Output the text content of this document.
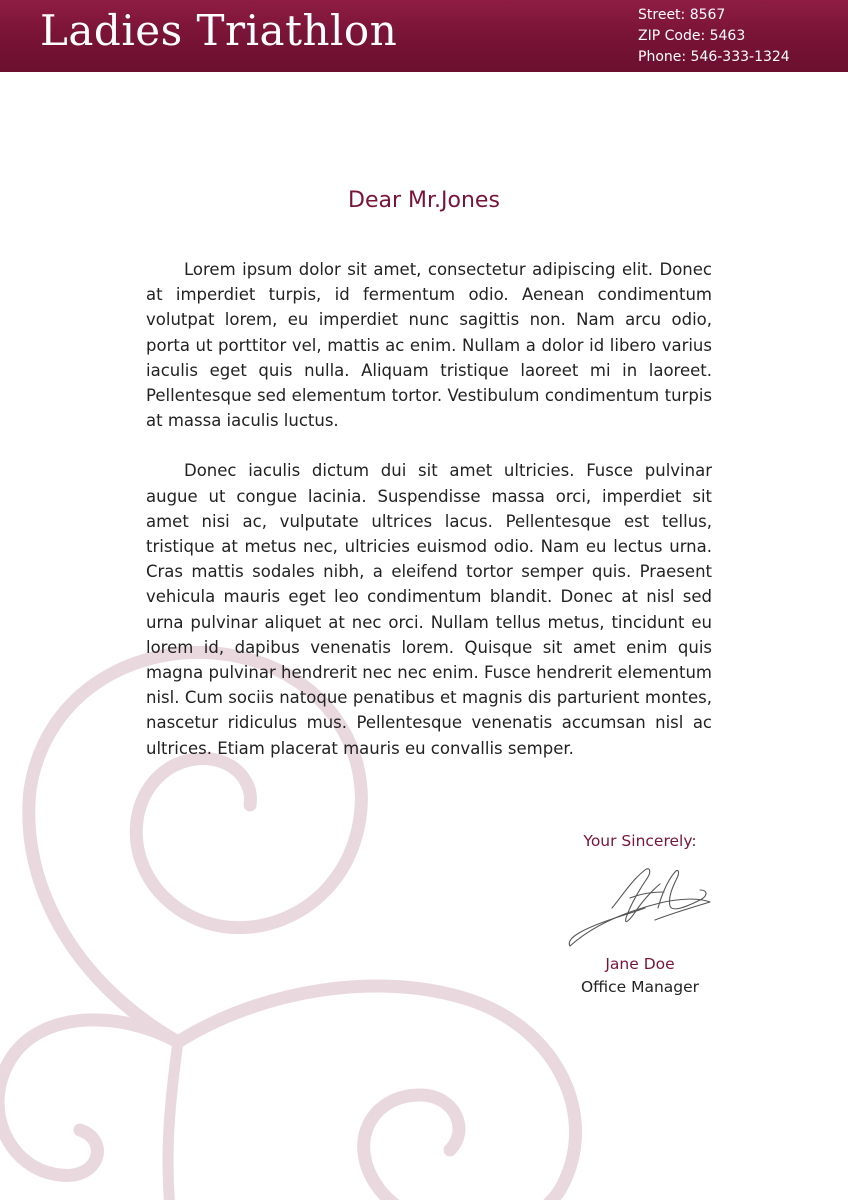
Ladies Triathlon	Street: 8567
ZIP Code: 5463
Phone: 546-333-1324
Dear Mr.Jones

Lorem ipsum dolor sit amet, consectetur adipiscing elit. Donec at imperdiet turpis, id fermentum odio. Aenean condimentum volutpat lorem, eu imperdiet nunc sagittis non. Nam arcu odio, porta ut porttitor vel, mattis ac enim. Nullam a dolor id libero varius iaculis eget quis nulla. Aliquam tristique laoreet mi in laoreet. Pellentesque sed elementum tortor. Vestibulum condimentum turpis at massa iaculis luctus.

Donec iaculis dictum dui sit amet ultricies. Fusce pulvinar augue ut congue lacinia. Suspendisse massa orci, imperdiet sit amet nisi ac, vulputate ultrices lacus. Pellentesque est tellus, tristique at metus nec, ultricies euismod odio. Nam eu lectus urna. Cras mattis sodales nibh, a eleifend tortor semper quis. Praesent vehicula mauris eget leo condimentum blandit. Donec at nisl sed urna pulvinar aliquet at nec orci. Nullam tellus metus, tincidunt eu lorem id, dapibus venenatis lorem. Quisque sit amet enim quis magna pulvinar hendrerit nec nec enim. Fusce hendrerit elementum nisl. Cum sociis natoque penatibus et magnis dis parturient montes, nascetur ridiculus mus. Pellentesque venenatis accumsan nisl ac ultrices. Etiam placerat mauris eu convallis semper.

Your Sincerely:
Jane Doe
Office Manager
